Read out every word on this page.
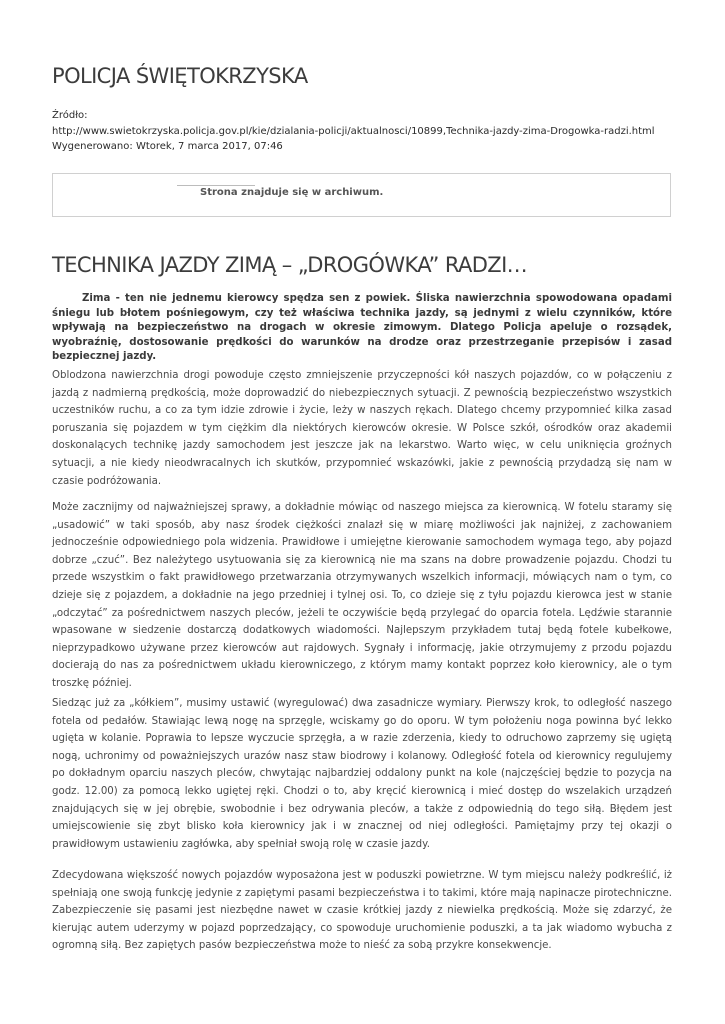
POLICJA ŚWIĘTOKRZYSKA
Źródło:
http://www.swietokrzyska.policja.gov.pl/kie/dzialania-policji/aktualnosci/10899,Technika-jazdy-zima-Drogowka-radzi.html
Wygenerowano: Wtorek, 7 marca 2017, 07:46
Strona znajduje się w archiwum.
TECHNIKA JAZDY ZIMĄ – „DROGÓWKA” RADZI…

Zima - ten nie jednemu kierowcy spędza sen z powiek. Śliska nawierzchnia spowodowana opadami śniegu lub błotem pośniegowym, czy też właściwa technika jazdy, są jednymi z wielu czynników, które wpływają na bezpieczeństwo na drogach w okresie zimowym. Dlatego Policja apeluje o rozsądek, wyobraźnię, dostosowanie prędkości do warunków na drodze oraz przestrzeganie przepisów i zasad bezpiecznej jazdy.

Oblodzona nawierzchnia drogi powoduje często zmniejszenie przyczepności kół naszych pojazdów, co w połączeniu z jazdą z nadmierną prędkością, może doprowadzić do niebezpiecznych sytuacji. Z pewnością bezpieczeństwo wszystkich uczestników ruchu, a co za tym idzie zdrowie i życie, leży w naszych rękach. Dlatego chcemy przypomnieć kilka zasad poruszania się pojazdem w tym ciężkim dla niektórych kierowców okresie. W Polsce szkół, ośrodków oraz akademii doskonalących technikę jazdy samochodem jest jeszcze jak na lekarstwo. Warto więc, w celu uniknięcia groźnych sytuacji, a nie kiedy nieodwracalnych ich skutków, przypomnieć wskazówki, jakie z pewnością przydadzą się nam w czasie podróżowania.

Może zacznijmy od najważniejszej sprawy, a dokładnie mówiąc od naszego miejsca za kierownicą. W fotelu staramy się „usadowić” w taki sposób, aby nasz środek ciężkości znalazł się w miarę możliwości jak najniżej, z zachowaniem jednocześnie odpowiedniego pola widzenia. Prawidłowe i umiejętne kierowanie samochodem wymaga tego, aby pojazd dobrze „czuć”. Bez należytego usytuowania się za kierownicą nie ma szans na dobre prowadzenie pojazdu. Chodzi tu przede wszystkim o fakt prawidłowego przetwarzania otrzymywanych wszelkich informacji, mówiących nam o tym, co dzieje się z pojazdem, a dokładnie na jego przedniej i tylnej osi. To, co dzieje się z tyłu pojazdu kierowca jest w stanie „odczytać” za pośrednictwem naszych pleców, jeżeli te oczywiście będą przylegać do oparcia fotela. Lędźwie starannie wpasowane w siedzenie dostarczą dodatkowych wiadomości. Najlepszym przykładem tutaj będą fotele kubełkowe, nieprzypadkowo używane przez kierowców aut rajdowych. Sygnały i informację, jakie otrzymujemy z przodu pojazdu docierają do nas za pośrednictwem układu kierowniczego, z którym mamy kontakt poprzez koło kierownicy, ale o tym troszkę później.

Siedząc już za „kółkiem”, musimy ustawić (wyregulować) dwa zasadnicze wymiary. Pierwszy krok, to odległość naszego fotela od pedałów. Stawiając lewą nogę na sprzęgle, wciskamy go do oporu. W tym położeniu noga powinna być lekko ugięta w kolanie. Poprawia to lepsze wyczucie sprzęgła, a w razie zderzenia, kiedy to odruchowo zaprzemy się ugiętą nogą, uchronimy od poważniejszych urazów nasz staw biodrowy i kolanowy. Odległość fotela od kierownicy regulujemy po dokładnym oparciu naszych pleców, chwytając najbardziej oddalony punkt na kole (najczęściej będzie to pozycja na godz. 12.00) za pomocą lekko ugiętej ręki. Chodzi o to, aby kręcić kierownicą i mieć dostęp do wszelakich urządzeń znajdujących się w jej obrębie, swobodnie i bez odrywania pleców, a także z odpowiednią do tego siłą. Błędem jest umiejscowienie się zbyt blisko koła kierownicy jak i w znacznej od niej odległości. Pamiętajmy przy tej okazji o prawidłowym ustawieniu zagłówka, aby spełniał swoją rolę w czasie jazdy.

Zdecydowana większość nowych pojazdów wyposażona jest w poduszki powietrzne. W tym miejscu należy podkreślić, iż spełniają one swoją funkcję jedynie z zapiętymi pasami bezpieczeństwa i to takimi, które mają napinacze pirotechniczne. Zabezpieczenie się pasami jest niezbędne nawet w czasie krótkiej jazdy z niewielka prędkością. Może się zdarzyć, że kierując autem uderzymy w pojazd poprzedzający, co spowoduje uruchomienie poduszki, a ta jak wiadomo wybucha z ogromną siłą. Bez zapiętych pasów bezpieczeństwa może to nieść za sobą przykre konsekwencje.
